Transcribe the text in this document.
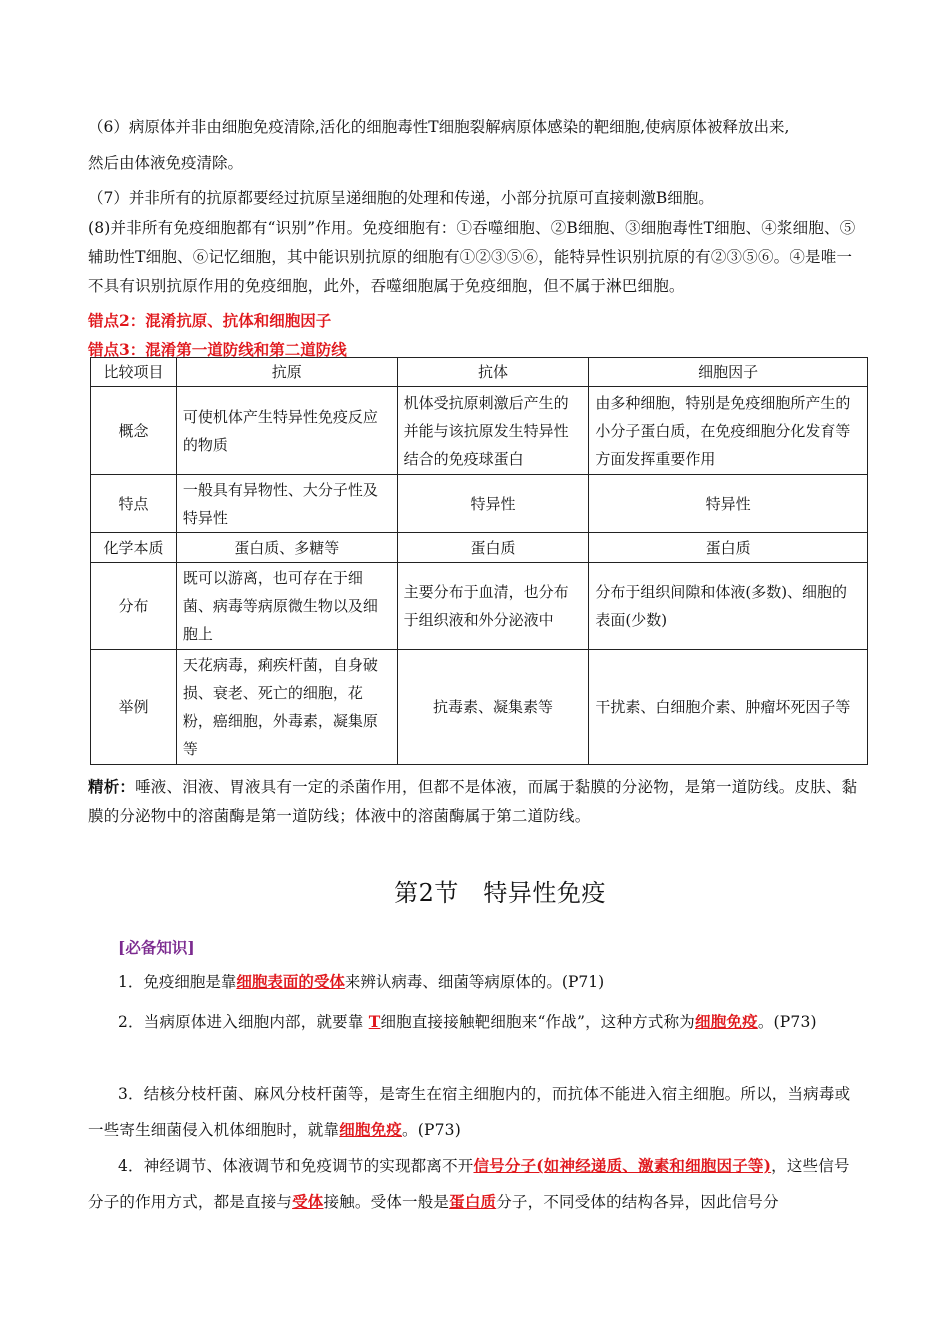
（6）病原体并非由细胞免疫清除,活化的细胞毒性T细胞裂解病原体感染的靶细胞,使病原体被释放出来,
然后由体液免疫清除。
（7）并非所有的抗原都要经过抗原呈递细胞的处理和传递，小部分抗原可直接刺激B细胞。
(8)并非所有免疫细胞都有“识别”作用。免疫细胞有：①吞噬细胞、②B细胞、③细胞毒性T细胞、④浆细胞、⑤辅助性T细胞、⑥记忆细胞，其中能识别抗原的细胞有①②③⑤⑥，能特异性识别抗原的有②③⑤⑥。④是唯一不具有识别抗原作用的免疫细胞，此外，吞噬细胞属于免疫细胞，但不属于淋巴细胞。
错点2：混淆抗原、抗体和细胞因子
错点3：混淆第一道防线和第二道防线
比较项目	抗原	抗体	细胞因子
概念	可使机体产生特异性免疫反应的物质	机体受抗原刺激后产生的并能与该抗原发生特异性结合的免疫球蛋白	由多种细胞，特别是免疫细胞所产生的小分子蛋白质，在免疫细胞分化发育等方面发挥重要作用
特点	一般具有异物性、大分子性及特异性	特异性	特异性
化学本质	蛋白质、多糖等	蛋白质	蛋白质
分布	既可以游离，也可存在于细菌、病毒等病原微生物以及细胞上	主要分布于血清，也分布于组织液和外分泌液中	分布于组织间隙和体液(多数)、细胞的表面(少数)
举例	天花病毒，痢疾杆菌，自身破损、衰老、死亡的细胞，花粉，癌细胞，外毒素，凝集原等	抗毒素、凝集素等	干扰素、白细胞介素、肿瘤坏死因子等
精析：唾液、泪液、胃液具有一定的杀菌作用，但都不是体液，而属于黏膜的分泌物，是第一道防线。皮肤、黏膜的分泌物中的溶菌酶是第一道防线；体液中的溶菌酶属于第二道防线。
第2节　特异性免疫
[必备知识]
1．免疫细胞是靠细胞表面的受体来辨认病毒、细菌等病原体的。(P71)
2．当病原体进入细胞内部，就要靠 T细胞直接接触靶细胞来“作战”，这种方式称为细胞免疫。(P73)
3．结核分枝杆菌、麻风分枝杆菌等，是寄生在宿主细胞内的，而抗体不能进入宿主细胞。所以，当病毒或一些寄生细菌侵入机体细胞时，就靠细胞免疫。(P73)
4．神经调节、体液调节和免疫调节的实现都离不开信号分子(如神经递质、激素和细胞因子等)，这些信号分子的作用方式，都是直接与受体接触。受体一般是蛋白质分子，不同受体的结构各异，因此信号分
